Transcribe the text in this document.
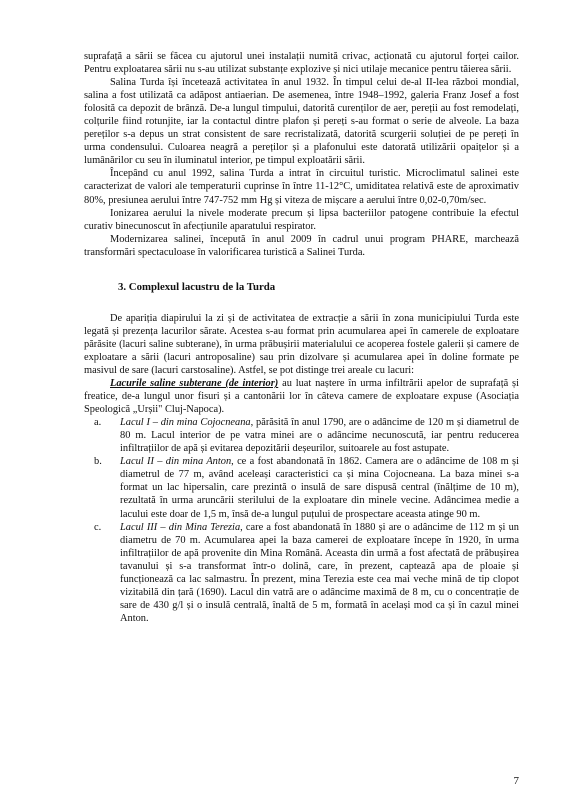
suprafață a sării se făcea cu ajutorul unei instalații numită crivac, acționată cu ajutorul forței cailor. Pentru exploatarea sării nu s-au utilizat substanțe explozive și nici utilaje mecanice pentru tăierea sării.

Salina Turda își încetează activitatea în anul 1932. În timpul celui de-al II-lea război mondial, salina a fost utilizată ca adăpost antiaerian. De asemenea, între 1948–1992, galeria Franz Josef a fost folosită ca depozit de brânză. De-a lungul timpului, datorită curenților de aer, pereții au fost remodelați, colțurile fiind rotunjite, iar la contactul dintre plafon și pereți s-au format o serie de alveole. La baza pereților s-a depus un strat consistent de sare recristalizată, datorită scurgerii soluției de pe pereți în urma condensului. Culoarea neagră a pereților și a plafonului este datorată utilizării opaițelor și a lumânărilor cu seu în iluminatul interior, pe timpul exploatării sării.

Începând cu anul 1992, salina Turda a intrat în circuitul turistic. Microclimatul salinei este caracterizat de valori ale temperaturii cuprinse în între 11-12°C, umiditatea relativă este de aproximativ 80%, presiunea aerului între 747-752 mm Hg și viteza de mișcare a aerului între 0,02-0,70m/sec.

Ionizarea aerului la nivele moderate precum și lipsa bacteriilor patogene contribuie la efectul curativ binecunoscut în afecțiunile aparatului respirator.

Modernizarea salinei, începută în anul 2009 în cadrul unui program PHARE, marchează transformări spectaculoase în valorificarea turistică a Salinei Turda.

3. Complexul lacustru de la Turda

De apariția diapirului la zi și de activitatea de extracție a sării în zona municipiului Turda este legată și prezența lacurilor sărate. Acestea s-au format prin acumularea apei în camerele de exploatare părăsite (lacuri saline subterane), în urma prăbușirii materialului ce acoperea fostele galerii și camere de exploatare a sării (lacuri antroposaline) sau prin dizolvare și acumularea apei în doline formate pe masivul de sare (lacuri carstosaline). Astfel, se pot distinge trei areale cu lacuri:

Lacurile saline subterane (de interior) au luat naștere în urma infiltrării apelor de suprafață și freatice, de-a lungul unor fisuri și a cantonării lor în câteva camere de exploatare expuse (Asociația Speologică „Urșii" Cluj-Napoca).

a. Lacul I – din mina Cojocneana, părăsită în anul 1790, are o adâncime de 120 m și diametrul de 80 m. Lacul interior de pe vatra minei are o adâncime necunoscută, iar pentru reducerea infiltrațiilor de apă și evitarea depozitării deșeurilor, suitoarele au fost astupate.
b. Lacul II – din mina Anton, ce a fost abandonată în 1862. Camera are o adâncime de 108 m și diametrul de 77 m, având aceleași caracteristici ca și mina Cojocneana. La baza minei s-a format un lac hipersalin, care prezintă o insulă de sare dispusă central (înălțime de 10 m), rezultată în urma aruncării sterilului de la exploatare din minele vecine. Adâncimea medie a lacului este doar de 1,5 m, însă de-a lungul puțului de prospectare aceasta atinge 90 m.
c. Lacul III – din Mina Terezia, care a fost abandonată în 1880 și are o adâncime de 112 m și un diametru de 70 m. Acumularea apei la baza camerei de exploatare începe în 1920, în urma infiltrațiilor de apă provenite din Mina Română. Aceasta din urmă a fost afectată de prăbușirea tavanului și s-a transformat într-o dolină, care, în prezent, captează apa de ploaie și funcționează ca lac salmastru. În prezent, mina Terezia este cea mai veche mină de tip clopot vizitabilă din țară (1690). Lacul din vatră are o adâncime maximă de 8 m, cu o concentrație de sare de 430 g/l și o insulă centrală, înaltă de 5 m, formată în același mod ca și în cazul minei Anton.
7
